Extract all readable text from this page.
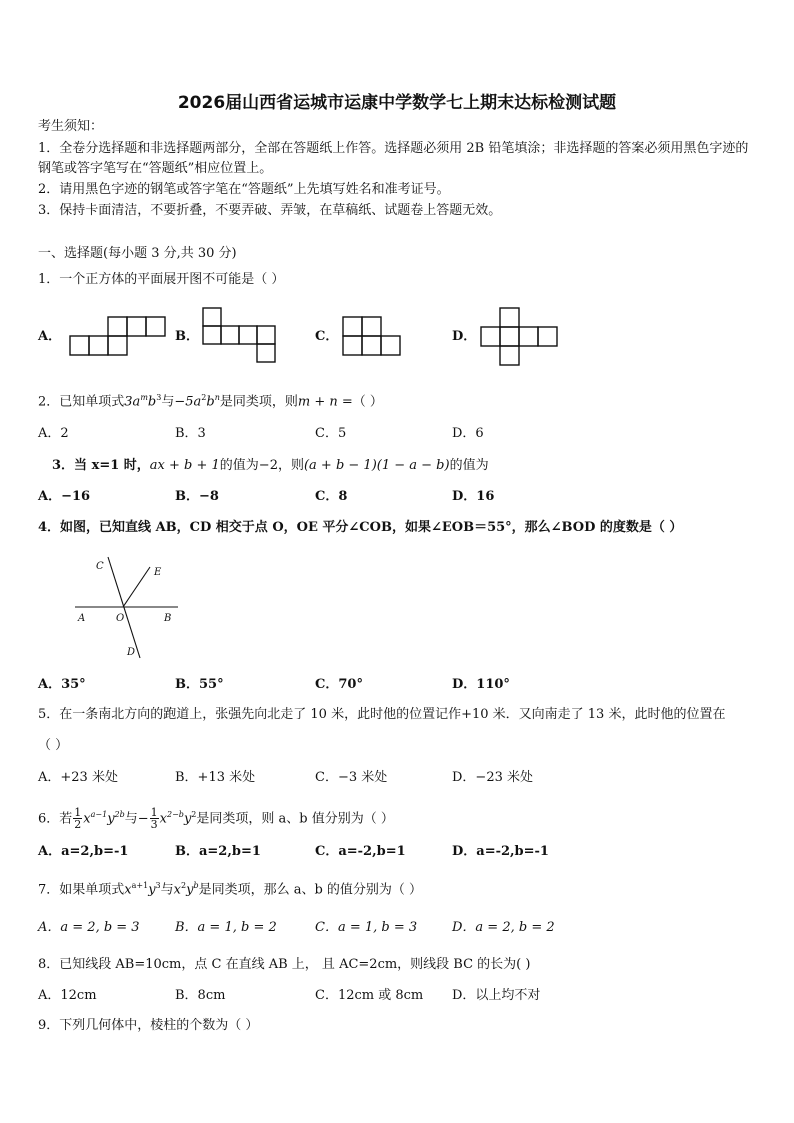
2026届山西省运城市运康中学数学七上期末达标检测试题
考生须知：
1．全卷分选择题和非选择题两部分，全部在答题纸上作答。选择题必须用 2B 铅笔填涂；非选择题的答案必须用黑色字迹的钢笔或答字笔写在“答题纸”相应位置上。
2．请用黑色字迹的钢笔或答字笔在“答题纸”上先填写姓名和准考证号。
3．保持卡面清洁，不要折叠，不要弄破、弄皱，在草稿纸、试题卷上答题无效。
一、选择题(每小题 3 分,共 30 分)
1．一个正方体的平面展开图不可能是（ ）
A．	B．	C．	D．
2．已知单项式$3a^mb^3$与$-5a^2b^n$是同类项，则m + n =（ ）
A．2	B．3	C．5	D．6
3．当 x=1 时，ax + b + 1的值为−2，则(a + b − 1)(1 − a − b)的值为
A．−16	B．−8	C．8	D．16
4．如图，已知直线 AB，CD 相交于点 O，OE 平分∠COB，如果∠EOB＝55°，那么∠BOD 的度数是（ ）
C
E
A	O	B
D
A．35°	B．55°	C．70°	D．110°
5．在一条南北方向的跑道上，张强先向北走了 10 米，此时他的位置记作+10 米．又向南走了 13 米，此时他的位置在
（ ）
A．+23 米处	B．+13 米处	C．−3 米处	D．−23 米处
6．若 $\frac{1}{2} x^{a-1}y^{2b}$与− $\frac{1}{3} x^{2-b}y^2$是同类项，则 a、b 值分别为（ ）
A．a=2,b=-1	B．a=2,b=1	C．a=-2,b=1	D．a=-2,b=-1
7．如果单项式$x^{a+1}y^3$与$x^2y^b$是同类项，那么 a、b 的值分别为（ ）
A．a = 2, b = 3	B．a = 1, b = 2	C．a = 1, b = 3	D．a = 2, b = 2
8．已知线段 AB=10cm，点 C 在直线 AB 上， 且 AC=2cm，则线段 BC 的长为( )
A．12cm	B．8cm	C．12cm 或 8cm D．以上均不对
9．下列几何体中，棱柱的个数为（ ）
